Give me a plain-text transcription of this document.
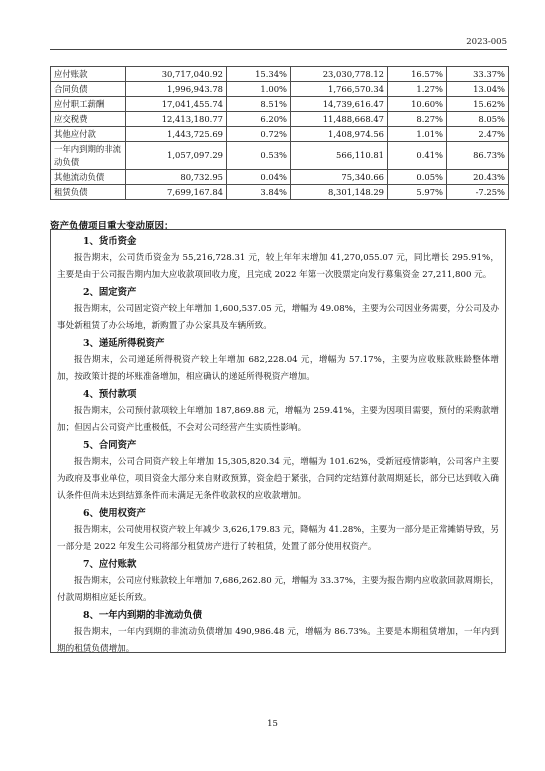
2023-005
应付账款	30,717,040.92	15.34%	23,030,778.12	16.57%	33.37%
合同负债	1,996,943.78	1.00%	1,766,570.34	1.27%	13.04%
应付职工薪酬	17,041,455.74	8.51%	14,739,616.47	10.60%	15.62%
应交税费	12,413,180.77	6.20%	11,488,668.47	8.27%	8.05%
其他应付款	1,443,725.69	0.72%	1,408,974.56	1.01%	2.47%
一年内到期的非流动负债	1,057,097.29	0.53%	566,110.81	0.41%	86.73%
其他流动负债	80,732.95	0.04%	75,340.66	0.05%	20.43%
租赁负债	7,699,167.84	3.84%	8,301,148.29	5.97%	-7.25%
资产负债项目重大变动原因：
1、货币资金

报告期末，公司货币资金为 55,216,728.31 元，较上年年末增加 41,270,055.07 元，同比增长 295.91%，主要是由于公司报告期内加大应收款项回收力度，且完成 2022 年第一次股票定向发行募集资金 27,211,800 元。

2、固定资产

报告期末，公司固定资产较上年增加 1,600,537.05 元，增幅为 49.08%，主要为公司因业务需要，分公司及办事处新租赁了办公场地，新购置了办公家具及车辆所致。

3、递延所得税资产

报告期末，公司递延所得税资产较上年增加 682,228.04 元，增幅为 57.17%，主要为应收账款账龄整体增加，按政策计提的坏账准备增加，相应确认的递延所得税资产增加。

4、预付款项

报告期末，公司预付款项较上年增加 187,869.88 元，增幅为 259.41%，主要为因项目需要，预付的采购款增加；但因占公司资产比重极低，不会对公司经营产生实质性影响。

5、合同资产

报告期末，公司合同资产较上年增加 15,305,820.34 元，增幅为 101.62%，受新冠疫情影响，公司客户主要为政府及事业单位，项目资金大部分来自财政预算，资金趋于紧张，合同约定结算付款周期延长，部分已达到收入确认条件但尚未达到结算条件而未满足无条件收款权的应收款增加。

6、使用权资产

报告期末，公司使用权资产较上年减少 3,626,179.83 元，降幅为 41.28%，主要为一部分是正常摊销导致，另一部分是 2022 年发生公司将部分租赁房产进行了转租赁，处置了部分使用权资产。

7、应付账款

报告期末，公司应付账款较上年增加 7,686,262.80 元，增幅为 33.37%，主要为报告期内应收款回款周期长，付款周期相应延长所致。

8、一年内到期的非流动负债

报告期末，一年内到期的非流动负债增加 490,986.48 元，增幅为 86.73%。主要是本期租赁增加，一年内到期的租赁负债增加。

15
